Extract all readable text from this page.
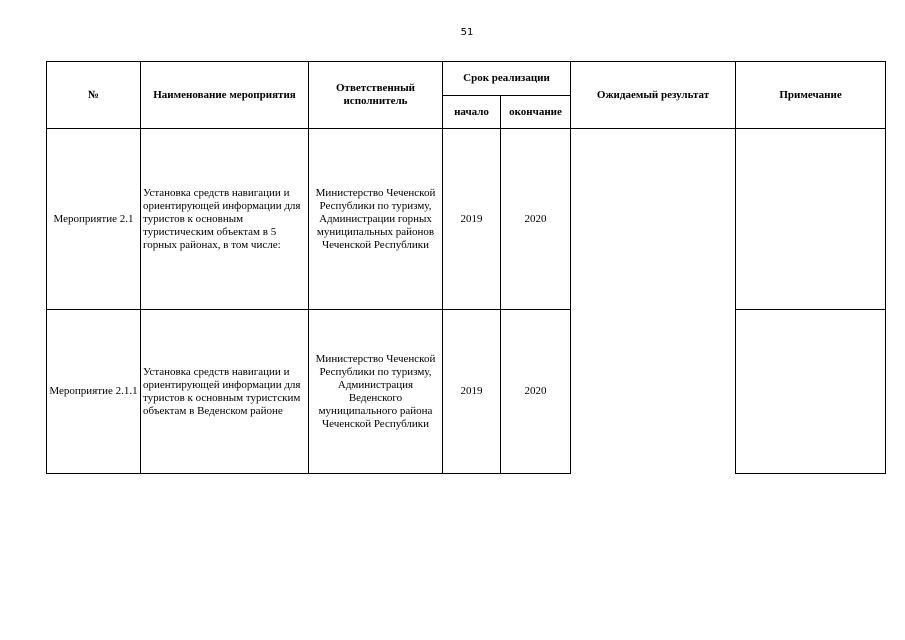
51
№	Наименование мероприятия	Ответственный исполнитель	Срок реализации		Ожидаемый результат	Примечание
			начало	окончание		
Мероприятие 2.1	Установка средств навигации и ориентирующей информации для туристов к основным туристическим объектам в 5 горных районах, в том числе:	Министерство Чеченской Республики по туризму, Администрации горных муниципальных районов Чеченской Республики	2019	2020		
Мероприятие 2.1.1	Установка средств навигации и ориентирующей информации для туристов к основным туристским объектам в Веденском районе	Министерство Чеченской Республики по туризму, Администрация Веденского муниципального района Чеченской Республики	2019	2020		
